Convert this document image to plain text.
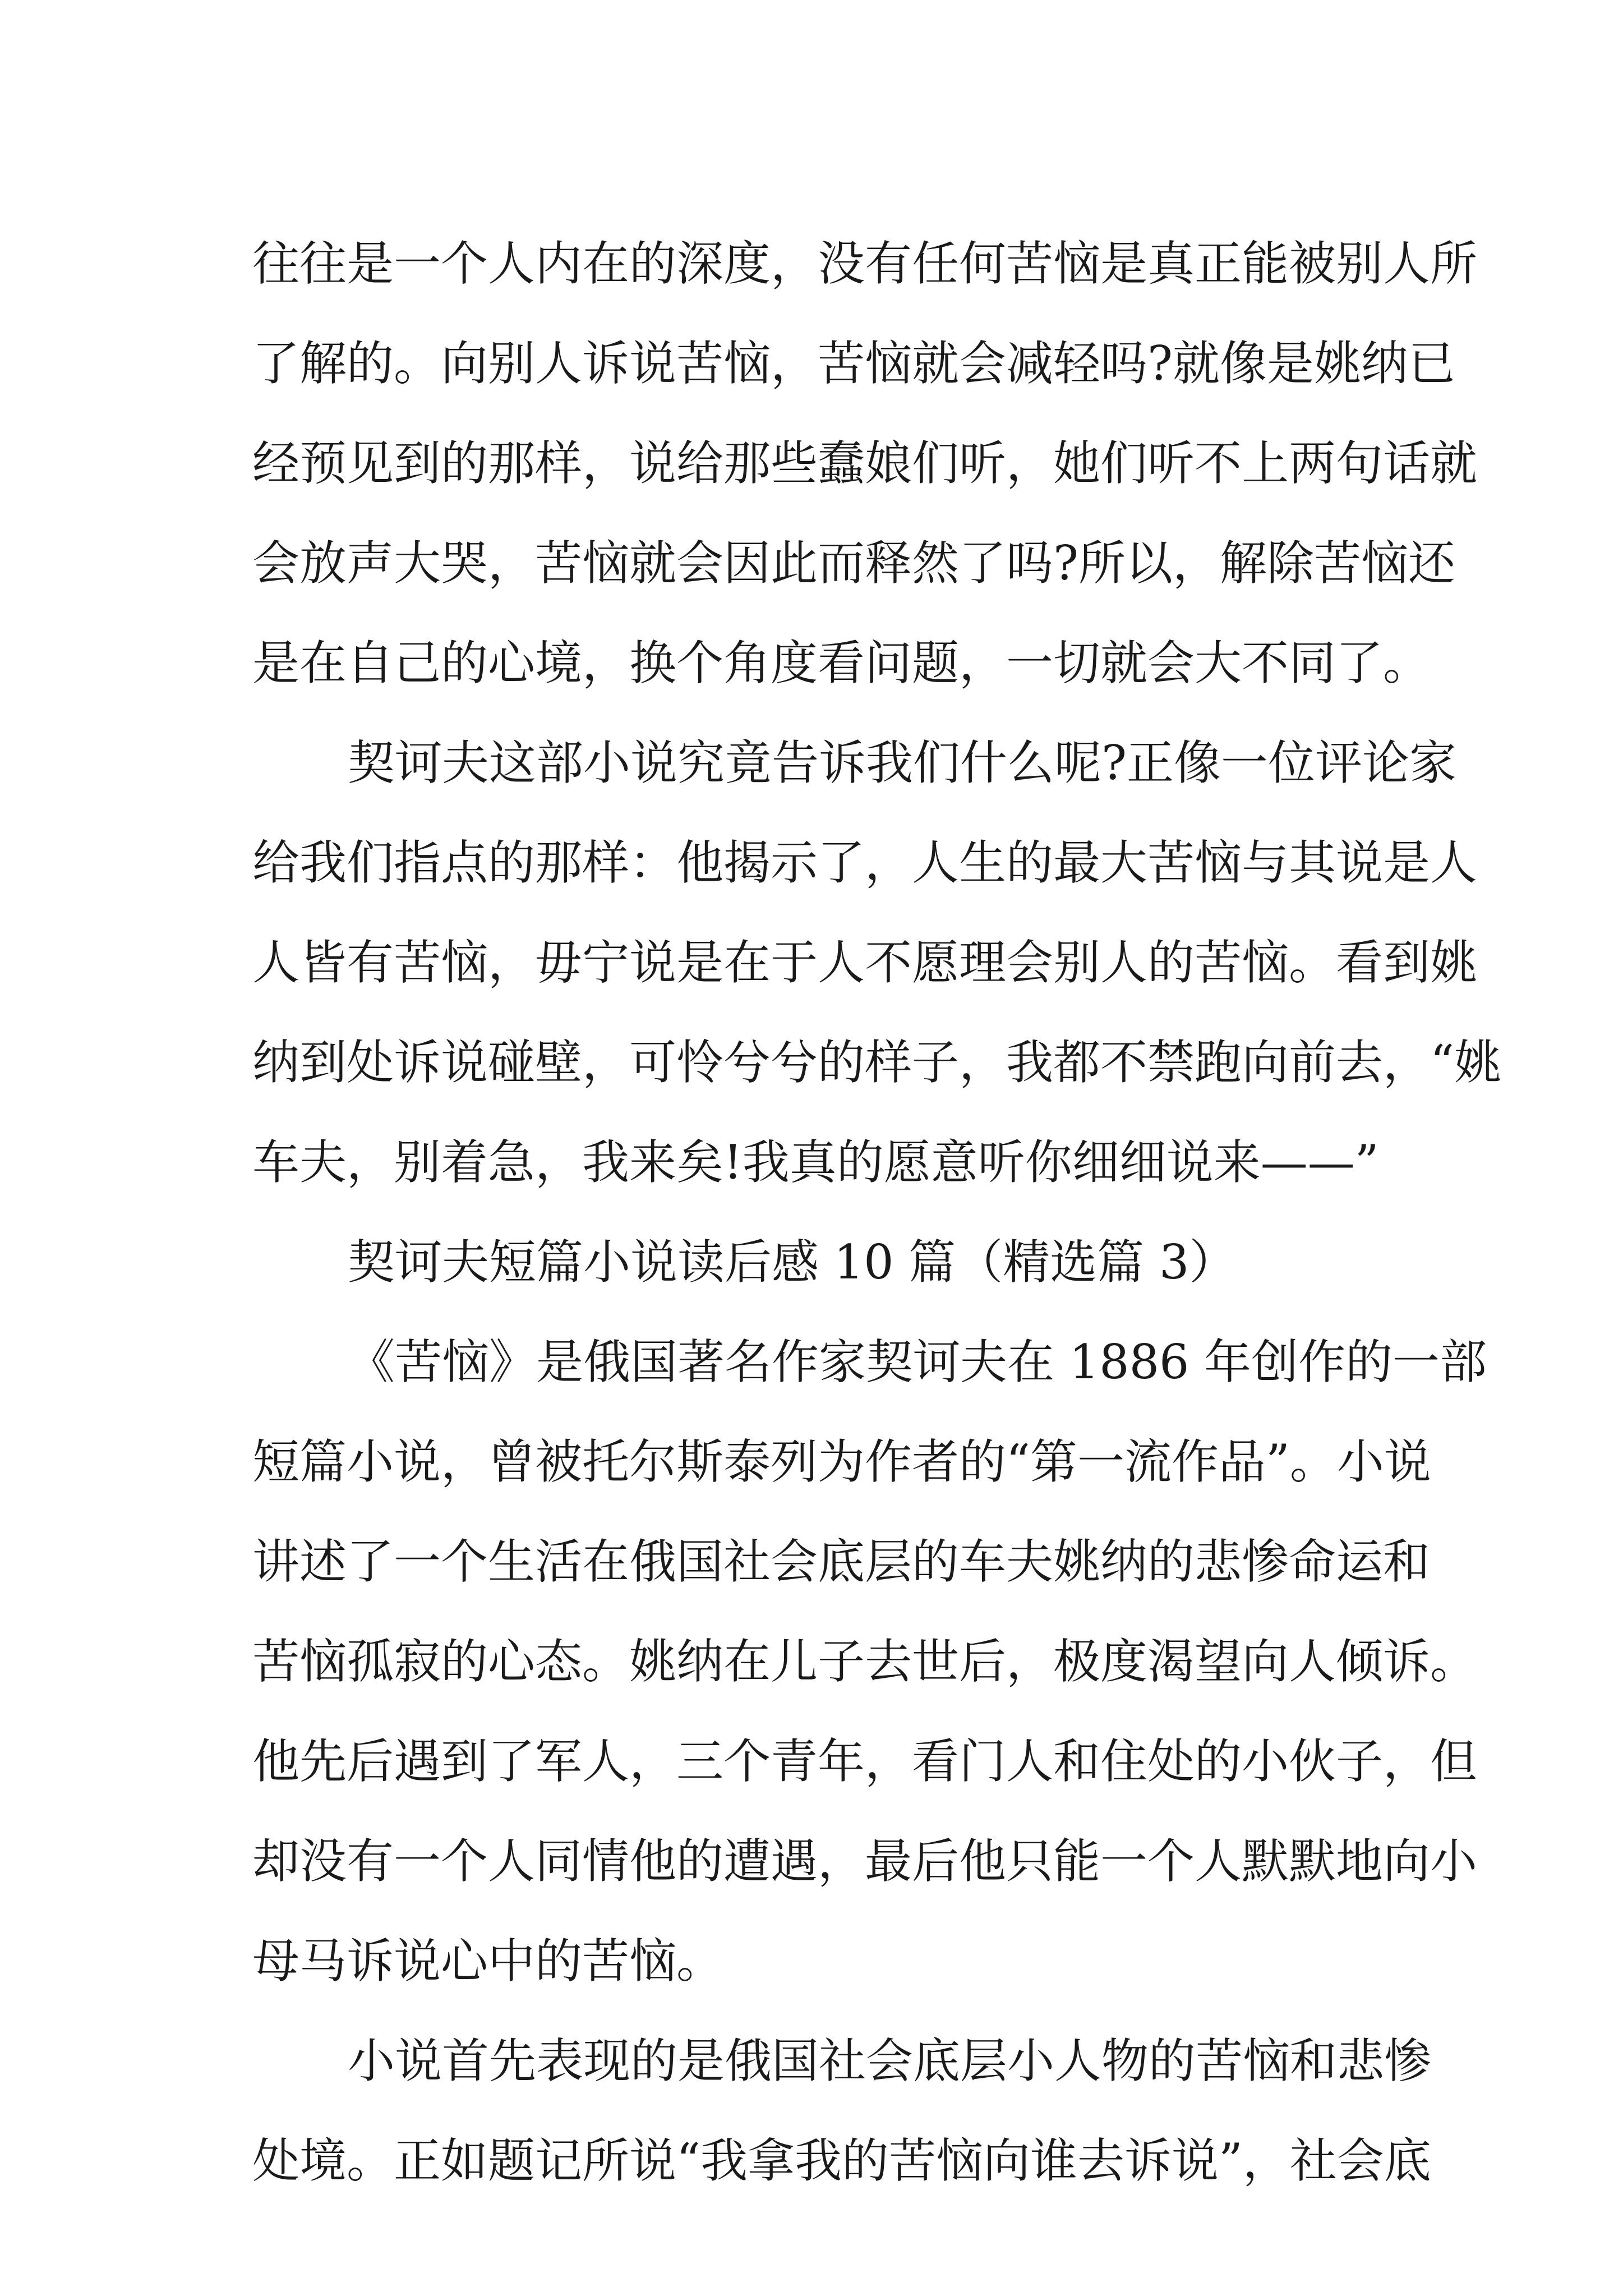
往往是一个人内在的深度，没有任何苦恼是真正能被别人所
了解的。向别人诉说苦恼，苦恼就会减轻吗?就像是姚纳已
经预见到的那样，说给那些蠢娘们听，她们听不上两句话就
会放声大哭，苦恼就会因此而释然了吗?所以，解除苦恼还
是在自己的心境，换个角度看问题，一切就会大不同了。
契诃夫这部小说究竟告诉我们什么呢?正像一位评论家
给我们指点的那样：他揭示了，人生的最大苦恼与其说是人
人皆有苦恼，毋宁说是在于人不愿理会别人的苦恼。看到姚
纳到处诉说碰壁，可怜兮兮的样子，我都不禁跑向前去，“姚
车夫，别着急，我来矣!我真的愿意听你细细说来——”
契诃夫短篇小说读后感 10 篇（精选篇 3）
《苦恼》是俄国著名作家契诃夫在 1886 年创作的一部
短篇小说，曾被托尔斯泰列为作者的“第一流作品”。小说
讲述了一个生活在俄国社会底层的车夫姚纳的悲惨命运和
苦恼孤寂的心态。姚纳在儿子去世后，极度渴望向人倾诉。
他先后遇到了军人，三个青年，看门人和住处的小伙子，但
却没有一个人同情他的遭遇，最后他只能一个人默默地向小
母马诉说心中的苦恼。
小说首先表现的是俄国社会底层小人物的苦恼和悲惨
处境。正如题记所说“我拿我的苦恼向谁去诉说”，社会底
